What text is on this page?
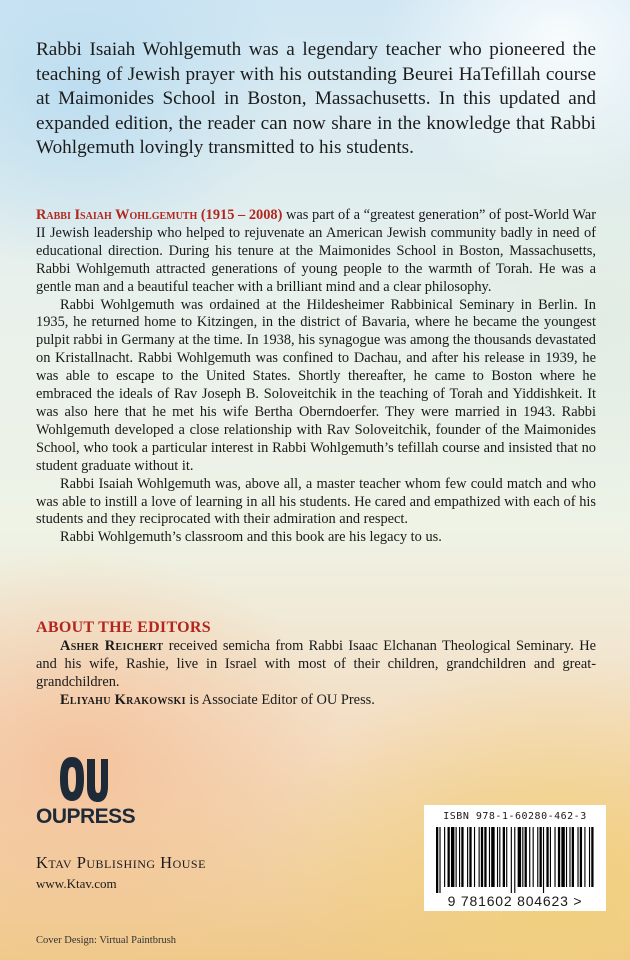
Rabbi Isaiah Wohlgemuth was a legendary teacher who pioneered the teaching of Jewish prayer with his outstanding Beurei HaTefillah course at Maimonides School in Boston, Massachusetts. In this updated and expanded edition, the reader can now share in the knowledge that Rabbi Wohlgemuth lovingly transmitted to his students.

Rabbi Isaiah Wohlgemuth (1915 – 2008) was part of a “greatest generation” of post-World War II Jewish leadership who helped to rejuvenate an American Jewish community badly in need of educational direction. During his tenure at the Maimonides School in Boston, Massachusetts, Rabbi Wohlgemuth attracted generations of young people to the warmth of Torah. He was a gentle man and a beautiful teacher with a brilliant mind and a clear philosophy.

Rabbi Wohlgemuth was ordained at the Hildesheimer Rabbinical Seminary in Berlin. In 1935, he returned home to Kitzingen, in the district of Bavaria, where he became the youngest pulpit rabbi in Germany at the time. In 1938, his synagogue was among the thousands devastated on Kristallnacht. Rabbi Wohlgemuth was confined to Dachau, and after his release in 1939, he was able to escape to the United States. Shortly thereafter, he came to Boston where he embraced the ideals of Rav Joseph B. Soloveitchik in the teaching of Torah and Yiddishkeit. It was also here that he met his wife Bertha Oberndoerfer. They were married in 1943. Rabbi Wohlgemuth developed a close relationship with Rav Soloveitchik, founder of the Maimonides School, who took a particular interest in Rabbi Wohlgemuth’s tefillah course and insisted that no student graduate without it.

Rabbi Isaiah Wohlgemuth was, above all, a master teacher whom few could match and who was able to instill a love of learning in all his students. He cared and empathized with each of his students and they reciprocated with their admiration and respect.

Rabbi Wohlgemuth’s classroom and this book are his legacy to us.

ABOUT THE EDITORS

Asher Reichert received semicha from Rabbi Isaac Elchanan Theological Seminary. He and his wife, Rashie, live in Israel with most of their children, grandchildren and great-grandchildren.

Eliyahu Krakowski is Associate Editor of OU Press.

OUPRESS

Ktav Publishing House

www.Ktav.com

Cover Design: Virtual Paintbrush

ISBN 978-1-60280-462-3
9 781602 804623 >
